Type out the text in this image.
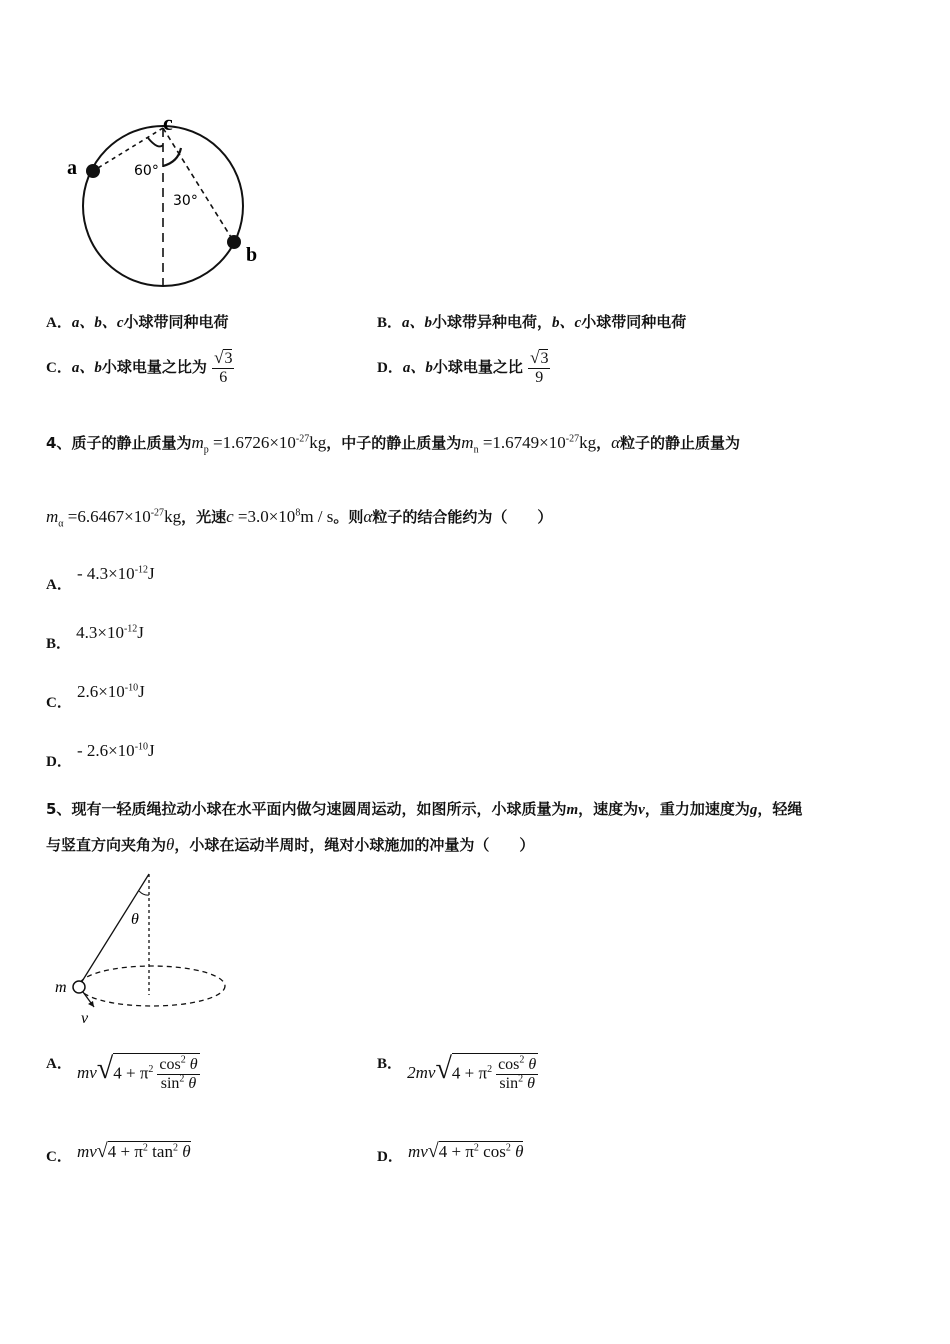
a
c
b
60°
30°
A．a、b、c小球带同种电荷	B．a、b小球带异种电荷，b、c小球带同种电荷
C．a、b小球电量之比为 $\frac{√3}{6}$	D．a、b小球电量之比 $\frac{√3}{9}$
4、质子的静止质量为$m_p =1.6726\times 10^{-27}kg$，中子的静止质量为$m_n =1.6749\times 10^{-27}kg$，α粒子的静止质量为
$m_\alpha =6.6467\times 10^{-27}kg$，光速$c =3.0\times 10^8m / s$。则α粒子的结合能约为（　　）
A． - $4.3\times 10^{-12}J$
B． $4.3\times 10^{-12}J$
C． $2.6\times 10^{-10}J$
D． - $2.6\times 10^{-10}J$
5、现有一轻质绳拉动小球在水平面内做匀速圆周运动，如图所示，小球质量为m，速度为v，重力加速度为g，轻绳
与竖直方向夹角为θ，小球在运动半周时，绳对小球施加的冲量为（　　）
θ
m
v
A． $mv√4 + \pi^2 \frac{\cos^2 \theta}{\sin^2 \theta}$	B． $2mv√4 + \pi^2 \frac{\cos^2 \theta}{\sin^2 \theta}$
C． $mv√4 + \pi^2$ $\tan^2 \theta$	D． $mv√4 + \pi^2$ $\cos^2 \theta$
